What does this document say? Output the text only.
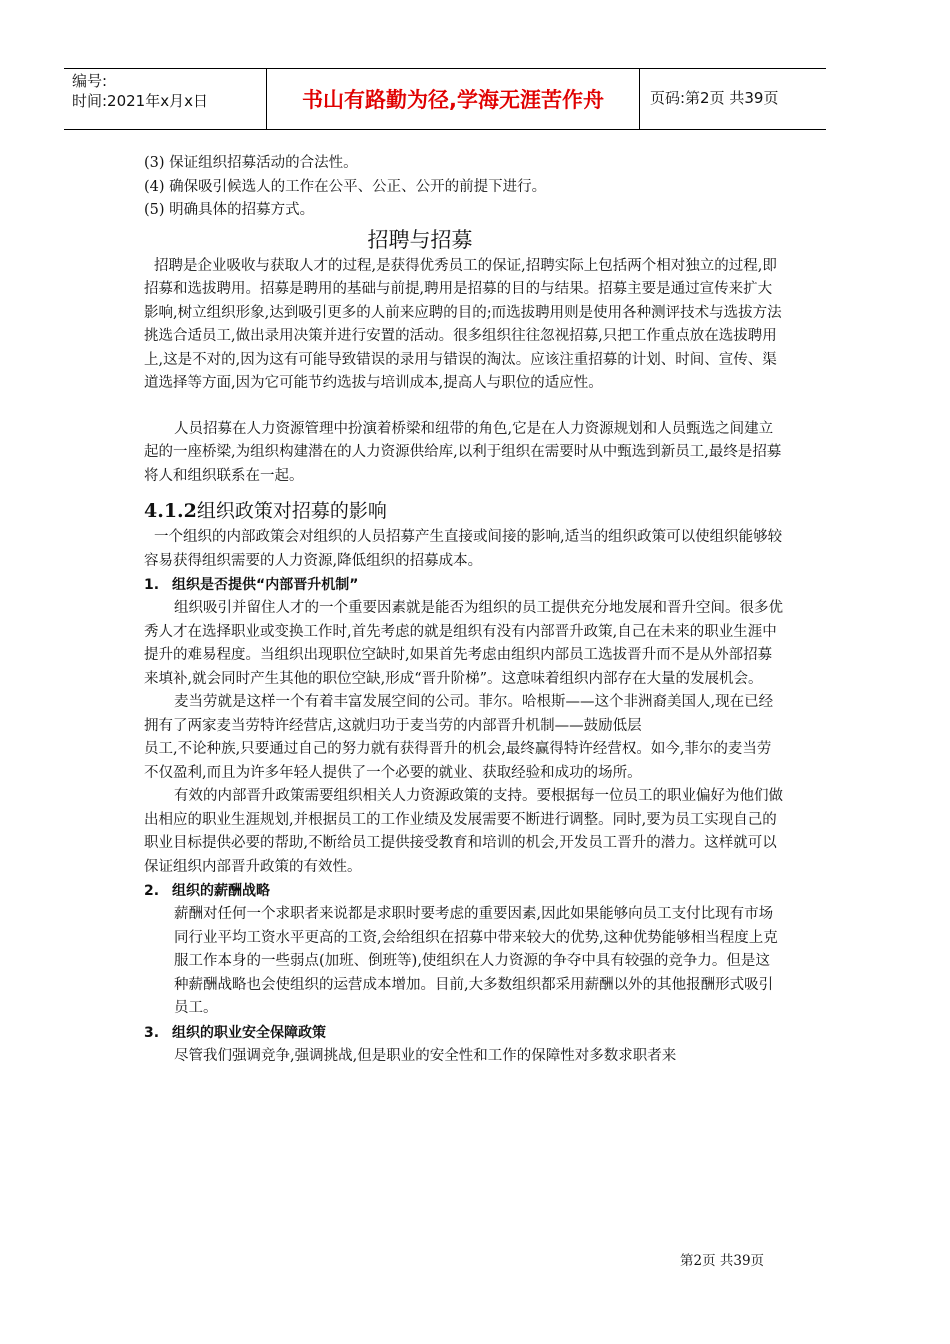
编号:
时间:2021年x月x日	书山有路勤为径,学海无涯苦作舟	页码:第2页 共39页

(3) 保证组织招募活动的合法性。

(4) 确保吸引候选人的工作在公平、公正、公开的前提下进行。

(5) 明确具体的招募方式。

招聘与招募

招聘是企业吸收与获取人才的过程,是获得优秀员工的保证,招聘实际上包括两个相对独立的过程,即招募和选拔聘用。招募是聘用的基础与前提,聘用是招募的目的与结果。招募主要是通过宣传来扩大影响,树立组织形象,达到吸引更多的人前来应聘的目的;而选拔聘用则是使用各种测评技术与选拔方法挑选合适员工,做出录用决策并进行安置的活动。很多组织往往忽视招募,只把工作重点放在选拔聘用上,这是不对的,因为这有可能导致错误的录用与错误的淘汰。应该注重招募的计划、时间、宣传、渠道选择等方面,因为它可能节约选拔与培训成本,提高人与职位的适应性。

人员招募在人力资源管理中扮演着桥梁和纽带的角色,它是在人力资源规划和人员甄选之间建立起的一座桥梁,为组织构建潜在的人力资源供给库,以利于组织在需要时从中甄选到新员工,最终是招募将人和组织联系在一起。

4.1.2组织政策对招募的影响

一个组织的内部政策会对组织的人员招募产生直接或间接的影响,适当的组织政策可以使组织能够较容易获得组织需要的人力资源,降低组织的招募成本。

1. 组织是否提供“内部晋升机制”

组织吸引并留住人才的一个重要因素就是能否为组织的员工提供充分地发展和晋升空间。很多优秀人才在选择职业或变换工作时,首先考虑的就是组织有没有内部晋升政策,自己在未来的职业生涯中提升的难易程度。当组织出现职位空缺时,如果首先考虑由组织内部员工选拔晋升而不是从外部招募来填补,就会同时产生其他的职位空缺,形成“晋升阶梯”。这意味着组织内部存在大量的发展机会。

麦当劳就是这样一个有着丰富发展空间的公司。菲尔。哈根斯——这个非洲裔美国人,现在已经拥有了两家麦当劳特许经营店,这就归功于麦当劳的内部晋升机制——鼓励低层

员工,不论种族,只要通过自己的努力就有获得晋升的机会,最终赢得特许经营权。如今,菲尔的麦当劳不仅盈利,而且为许多年轻人提供了一个必要的就业、获取经验和成功的场所。

有效的内部晋升政策需要组织相关人力资源政策的支持。要根据每一位员工的职业偏好为他们做出相应的职业生涯规划,并根据员工的工作业绩及发展需要不断进行调整。同时,要为员工实现自己的职业目标提供必要的帮助,不断给员工提供接受教育和培训的机会,开发员工晋升的潜力。这样就可以保证组织内部晋升政策的有效性。

2. 组织的薪酬战略

薪酬对任何一个求职者来说都是求职时要考虑的重要因素,因此如果能够向员工支付比现有市场同行业平均工资水平更高的工资,会给组织在招募中带来较大的优势,这种优势能够相当程度上克服工作本身的一些弱点(加班、倒班等),使组织在人力资源的争夺中具有较强的竞争力。但是这种薪酬战略也会使组织的运营成本增加。目前,大多数组织都采用薪酬以外的其他报酬形式吸引员工。

3. 组织的职业安全保障政策

尽管我们强调竞争,强调挑战,但是职业的安全性和工作的保障性对多数求职者来

第2页 共39页
